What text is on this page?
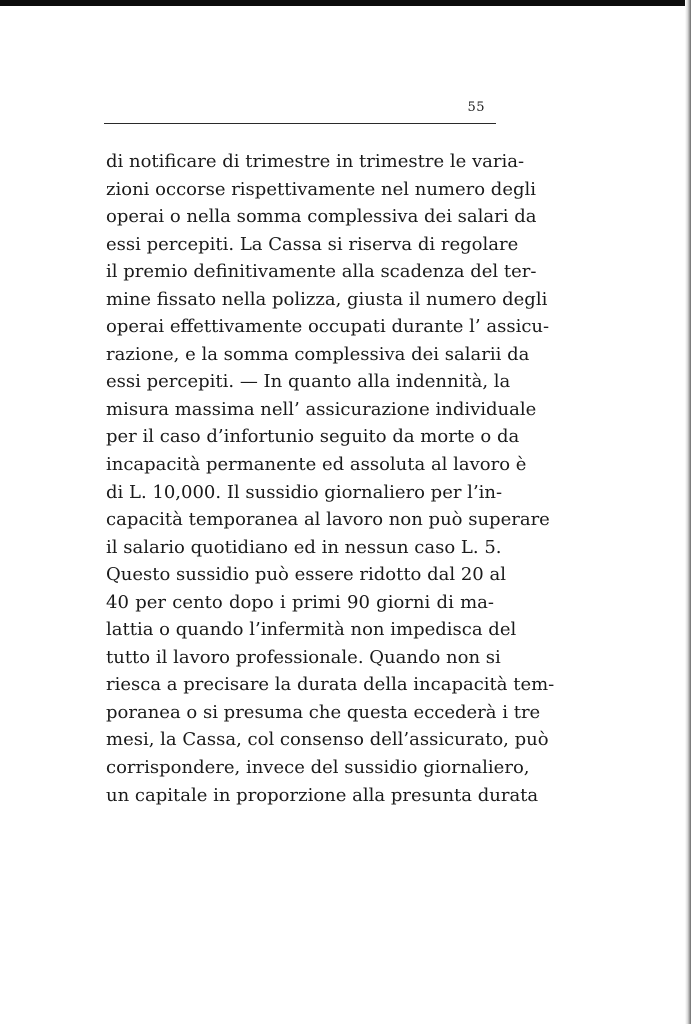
55
di notificare di trimestre in trimestre le varia-
zioni occorse rispettivamente nel numero degli
operai o nella somma complessiva dei salari da
essi percepiti. La Cassa si riserva di regolare
il premio definitivamente alla scadenza del ter-
mine fissato nella polizza, giusta il numero degli
operai effettivamente occupati durante l’ assicu-
razione, e la somma complessiva dei salarii da
essi percepiti. — In quanto alla indennità, la
misura massima nell’ assicurazione individuale
per il caso d’infortunio seguito da morte o da
incapacità permanente ed assoluta al lavoro è
di L. 10,000. Il sussidio giornaliero per l’in-
capacità temporanea al lavoro non può superare
il salario quotidiano ed in nessun caso L. 5.
Questo sussidio può essere ridotto dal 20 al
40 per cento dopo i primi 90 giorni di ma-
lattia o quando l’infermità non impedisca del
tutto il lavoro professionale. Quando non si
riesca a precisare la durata della incapacità tem-
poranea o si presuma che questa eccederà i tre
mesi, la Cassa, col consenso dell’assicurato, può
corrispondere, invece del sussidio giornaliero,
un capitale in proporzione alla presunta durata
